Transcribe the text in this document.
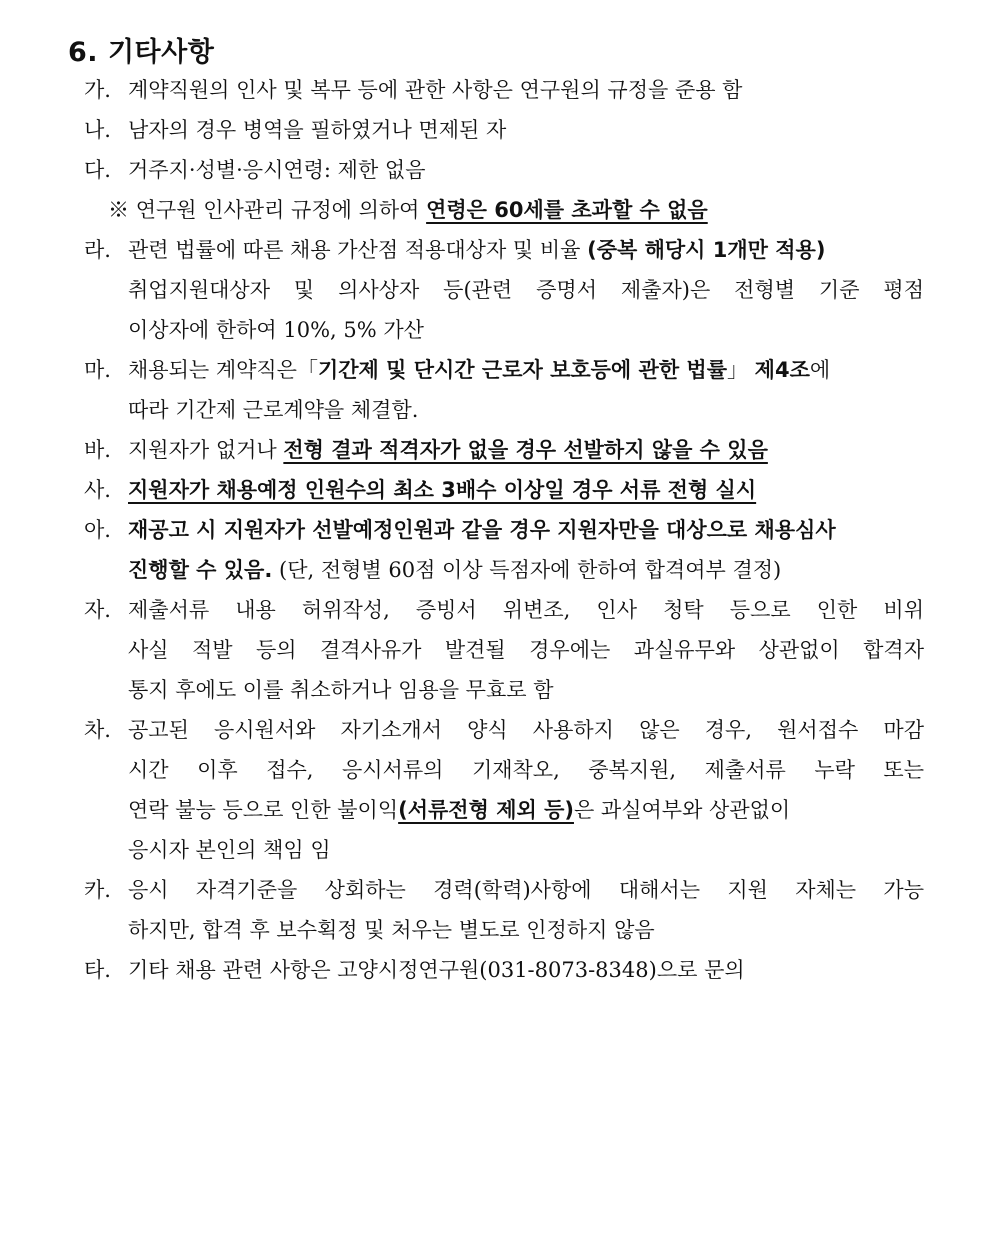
6. 기타사항
가. 계약직원의 인사 및 복무 등에 관한 사항은 연구원의 규정을 준용 함
나. 남자의 경우 병역을 필하였거나 면제된 자
다. 거주지·성별·응시연령: 제한 없음
※ 연구원 인사관리 규정에 의하여 연령은 60세를 초과할 수 없음
라. 관련 법률에 따른 채용 가산점 적용대상자 및 비율 (중복 해당시 1개만 적용)
취업지원대상자 및 의사상자 등(관련 증명서 제출자)은 전형별 기준 평점
이상자에 한하여 10%, 5% 가산
마. 채용되는 계약직은「기간제 및 단시간 근로자 보호등에 관한 법률」 제4조에
따라 기간제 근로계약을 체결함.
바. 지원자가 없거나 전형 결과 적격자가 없을 경우 선발하지 않을 수 있음
사. 지원자가 채용예정 인원수의 최소 3배수 이상일 경우 서류 전형 실시
아. 재공고 시 지원자가 선발예정인원과 같을 경우 지원자만을 대상으로 채용심사
진행할 수 있음. (단, 전형별 60점 이상 득점자에 한하여 합격여부 결정)
자. 제출서류 내용 허위작성, 증빙서 위변조, 인사 청탁 등으로 인한 비위
사실 적발 등의 결격사유가 발견될 경우에는 과실유무와 상관없이 합격자
통지 후에도 이를 취소하거나 임용을 무효로 함
차. 공고된 응시원서와 자기소개서 양식 사용하지 않은 경우, 원서접수 마감
시간 이후 접수, 응시서류의 기재착오, 중복지원, 제출서류 누락 또는
연락 불능 등으로 인한 불이익(서류전형 제외 등)은 과실여부와 상관없이
응시자 본인의 책임 임
카. 응시 자격기준을 상회하는 경력(학력)사항에 대해서는 지원 자체는 가능
하지만, 합격 후 보수획정 및 처우는 별도로 인정하지 않음
타. 기타 채용 관련 사항은 고양시정연구원(031-8073-8348)으로 문의
